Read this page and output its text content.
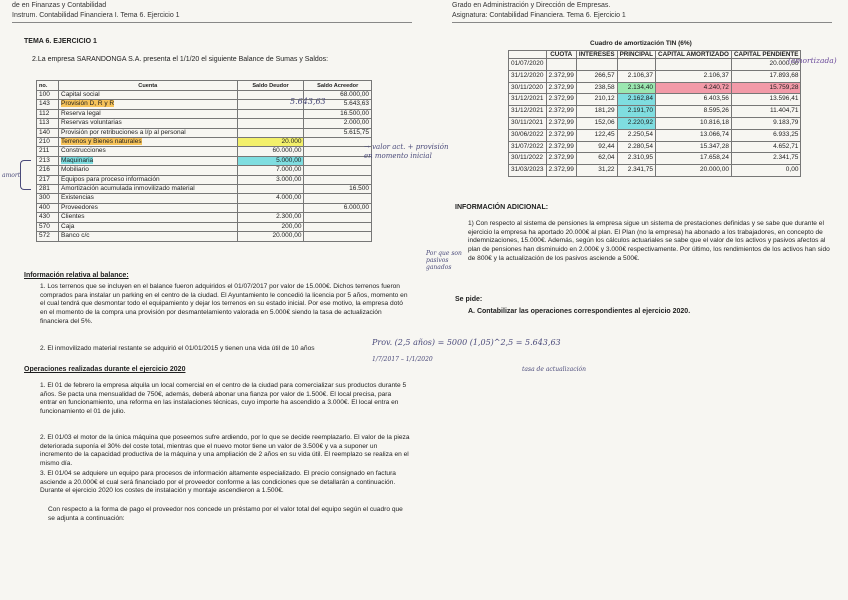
de en Finanzas y Contabilidad
Instrum. Contabilidad Financiera I. Tema 6. Ejercicio 1
TEMA 6. EJERCICIO 1
2.La empresa SARANDONGA S.A. presenta el 1/1/20 el siguiente Balance de Sumas y Saldos:
no.	Cuenta	Saldo Deudor	Saldo Acreedor
100	Capital social		68.000,00
143	Provisión D, R y R		5.643,63
112	Reserva legal		16.500,00
113	Reservas voluntarias		2.000,00
140	Provisión por retribuciones a l/p al personal		5.615,75
210	Terrenos y Bienes naturales	20.000	
211	Construcciones	60.000,00	
213	Maquinaria	5.000,00	
216	Mobiliario	7.000,00	
217	Equipos para proceso información	3.000,00	
281	Amortización acumulada inmovilizado material		16.500
300	Existencias	4.000,00	
400	Proveedores		6.000,00
430	Clientes	2.300,00	
570	Caja	200,00	
572	Banco c/c	20.000,00	
5.643,63
→ valor act. + provisión en momento inicial
amort
Información relativa al balance:

1. Los terrenos que se incluyen en el balance fueron adquiridos el 01/07/2017 por valor de 15.000€. Dichos terrenos fueron comprados para instalar un parking en el centro de la ciudad. El Ayuntamiento le concedió la licencia por 5 años, momento en el cual tendrá que desmontar todo el equipamiento y dejar los terrenos en su estado inicial. Por ese motivo, la empresa dotó en el momento de la compra una provisión por desmantelamiento valorada en 5.000€ siendo la tasa de actualización financiera del 5%.

2. El inmovilizado material restante se adquirió el 01/01/2015 y tienen una vida útil de 10 años

Prov. (2,5 años) = 5000 (1,05)^2,5 = 5.643,63
1/7/2017 – 1/1/2020
tasa de actualización
Operaciones realizadas durante el ejercicio 2020

1. El 01 de febrero la empresa alquila un local comercial en el centro de la ciudad para comercializar sus productos durante 5 años. Se pacta una mensualidad de 750€, además, deberá abonar una fianza por valor de 1.500€. El local precisa, para entrar en funcionamiento, una reforma en las instalaciones técnicas, cuyo importe ha ascendido a 3.000€. El local entra en funcionamiento el 01 de julio.

2. El 01/03 el motor de la única máquina que poseemos sufre ardiendo, por lo que se decide reemplazarlo. El valor de la pieza deteriorada suponía el 30% del coste total, mientras que el nuevo motor tiene un valor de 3.500€ y va a suponer un incremento de la capacidad productiva de la máquina y una ampliación de 2 años en su vida útil. El reemplazo se realiza en el mismo día.

3. El 01/04 se adquiere un equipo para procesos de información altamente especializado. El precio consignado en factura asciende a 20.000€ el cual será financiado por el proveedor conforme a las condiciones que se detallarán a continuación. Durante el ejercicio 2020 los costes de instalación y montaje ascendieron a 1.500€.

Con respecto a la forma de pago el proveedor nos concede un préstamo por el valor total del equipo según el cuadro que se adjunta a continuación:

Grado en Administración y Dirección de Empresas.
Asignatura: Contabilidad Financiera. Tema 6. Ejercicio 1
Cuadro de amortización TIN (6%)
	CUOTA	INTERESES	PRINCIPAL	CAPITAL AMORTIZADO	CAPITAL PENDIENTE
01/07/2020					20.000,00
31/12/2020	2.372,99	266,57	2.106,37	2.106,37	17.893,68
30/11/2020	2.372,99	238,58	2.134,40	4.240,72	15.759,28
31/12/2021	2.372,99	210,12	2.162,84	6.403,56	13.596,41
31/12/2021	2.372,99	181,29	2.191,70	8.595,26	11.404,71
30/11/2021	2.372,99	152,06	2.220,92	10.816,18	9.183,79
30/06/2022	2.372,99	122,45	2.250,54	13.066,74	6.933,25
31/07/2022	2.372,99	92,44	2.280,54	15.347,28	4.652,71
30/11/2022	2.372,99	62,04	2.310,95	17.658,24	2.341,75
31/03/2023	2.372,99	31,22	2.341,75	20.000,00	0,00
(amortizada)
INFORMACIÓN ADICIONAL:

1) Con respecto al sistema de pensiones la empresa sigue un sistema de prestaciones definidas y se sabe que durante el ejercicio la empresa ha aportado 20.000€ al plan. El Plan (no la empresa) ha abonado a los trabajadores, en concepto de indemnizaciones, 15.000€. Además, según los cálculos actuariales se sabe que el valor de los activos y pasivos afectos al plan de pensiones han disminuido en 2.000€ y 3.000€ respectivamente. Por último, los rendimientos de los activos han sido de 800€ y la actualización de los pasivos asciende a 500€.

Por que son pasivos ganados
Se pide:
A. Contabilizar las operaciones correspondientes al ejercicio 2020.
